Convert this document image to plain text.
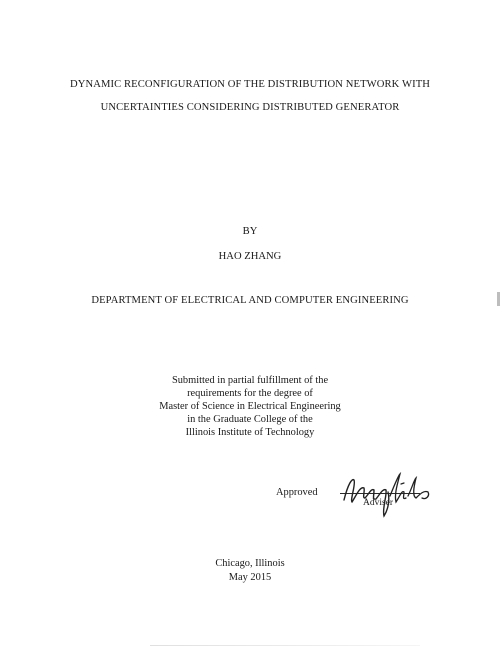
DYNAMIC RECONFIGURATION OF THE DISTRIBUTION NETWORK WITH
UNCERTAINTIES CONSIDERING DISTRIBUTED GENERATOR
BY
HAO ZHANG
DEPARTMENT OF ELECTRICAL AND COMPUTER ENGINEERING
Submitted in partial fulfillment of the
requirements for the degree of
Master of Science in Electrical Engineering
in the Graduate College of the
Illinois Institute of Technology
Approved
Adviser
Chicago, Illinois
May 2015
